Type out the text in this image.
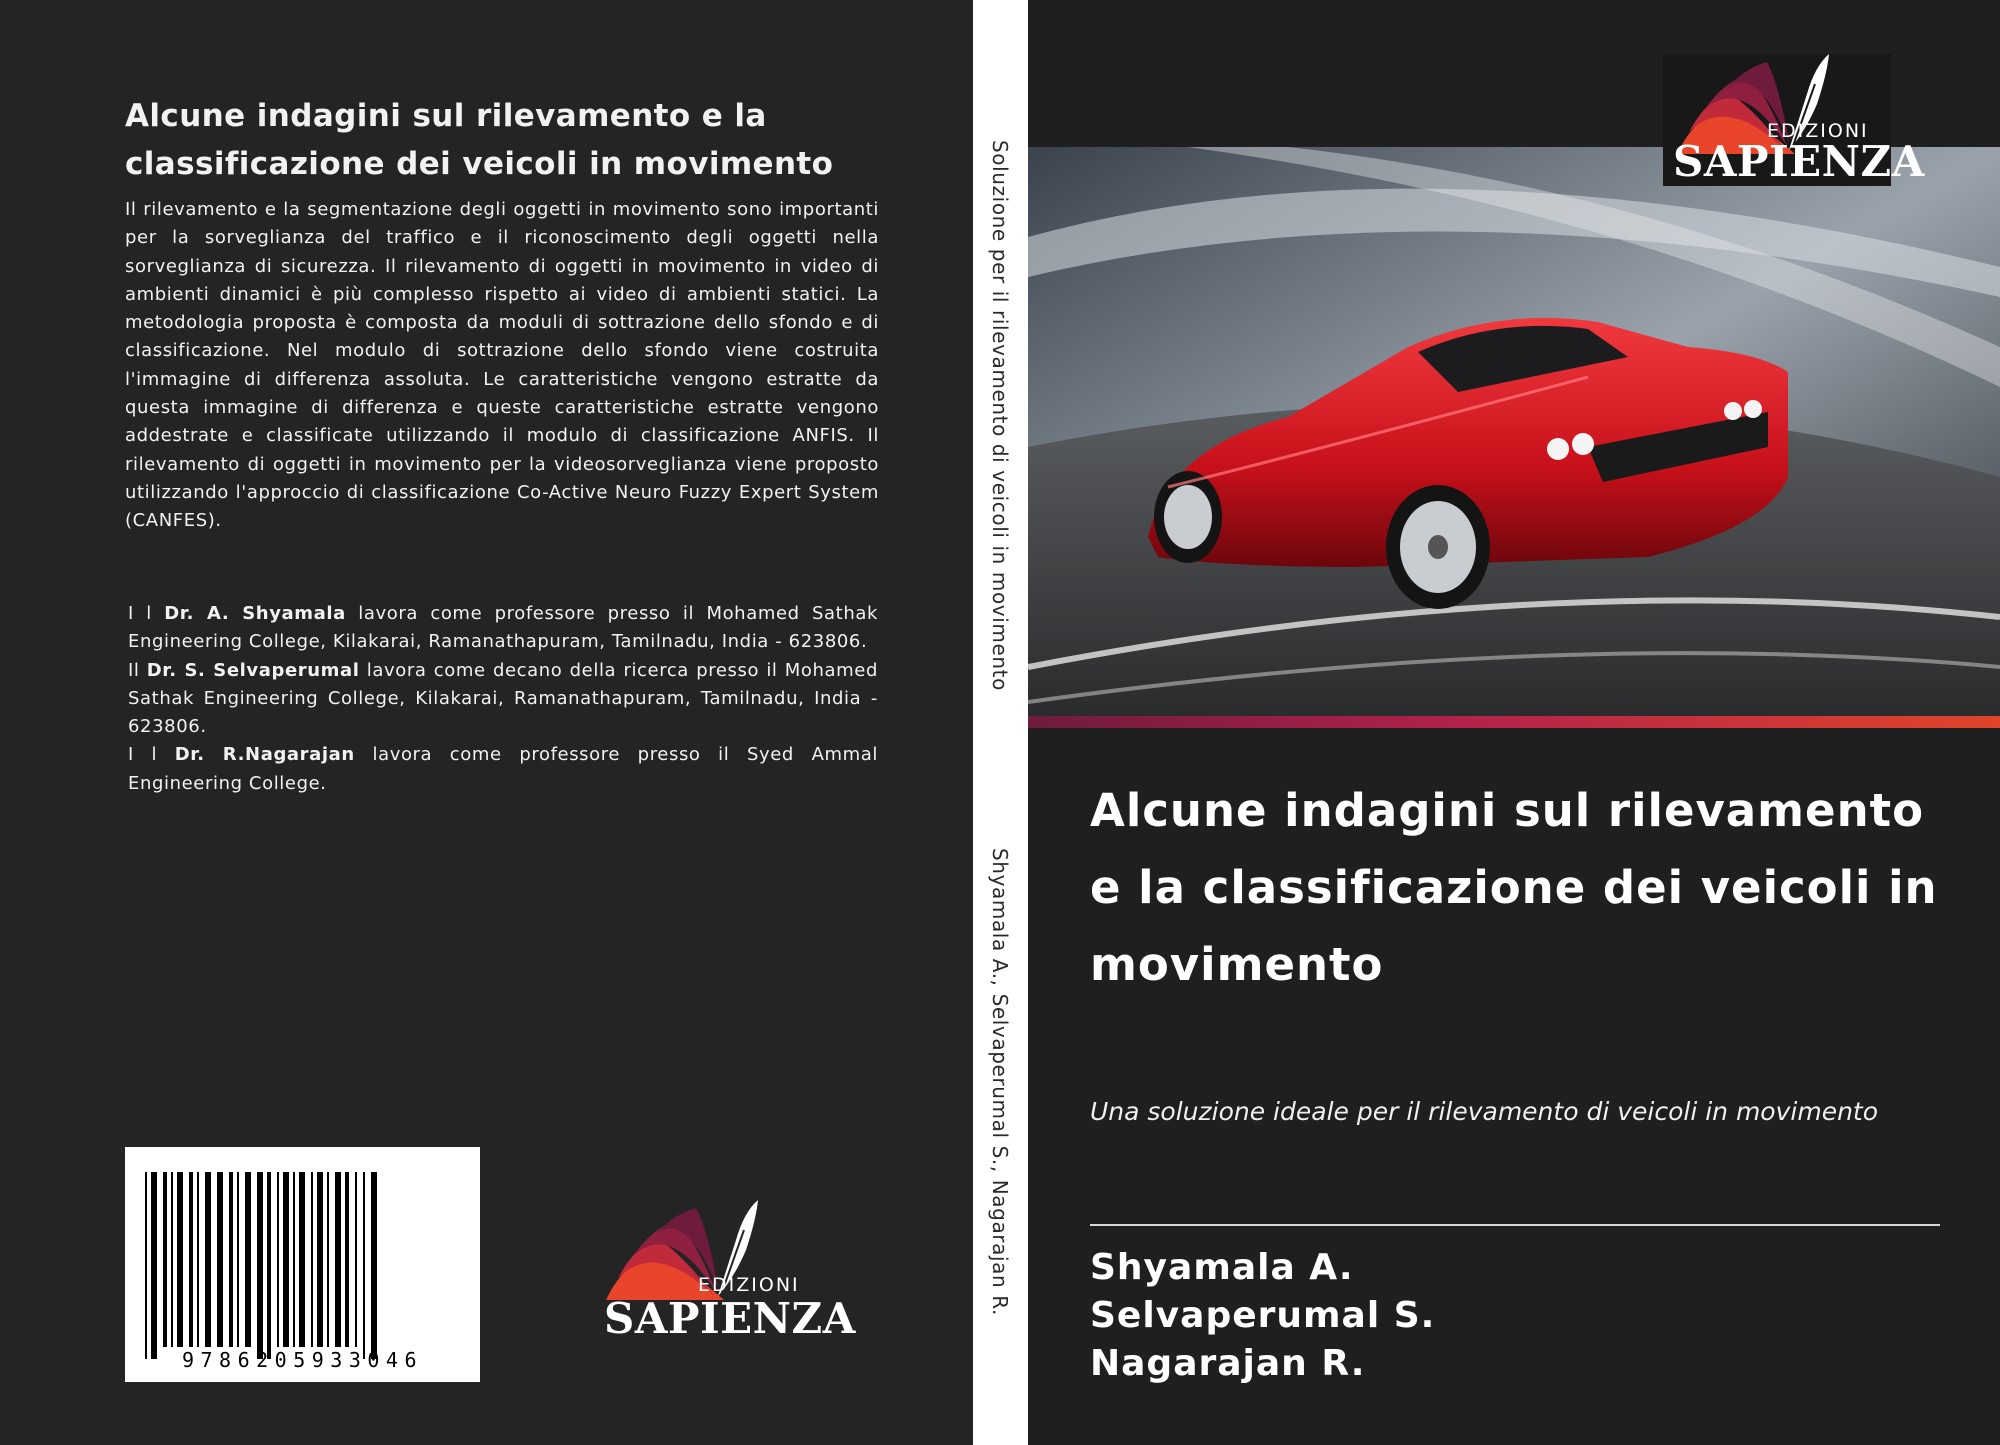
Alcune indagini sul rilevamento e la classificazione dei veicoli in movimento

Il rilevamento e la segmentazione degli oggetti in movimento sono importanti per la sorveglianza del traffico e il riconoscimento degli oggetti nella sorveglianza di sicurezza. Il rilevamento di oggetti in movimento in video di ambienti dinamici è più complesso rispetto ai video di ambienti statici. La metodologia proposta è composta da moduli di sottrazione dello sfondo e di classificazione. Nel modulo di sottrazione dello sfondo viene costruita l'immagine di differenza assoluta. Le caratteristiche vengono estratte da questa immagine di differenza e queste caratteristiche estratte vengono addestrate e classificate utilizzando il modulo di classificazione ANFIS. Il rilevamento di oggetti in movimento per la videosorveglianza viene proposto utilizzando l'approccio di classificazione Co-Active Neuro Fuzzy Expert System (CANFES).

I l Dr. A. Shyamala lavora come professore presso il Mohamed Sathak Engineering College, Kilakarai, Ramanathapuram, Tamilnadu, India - 623806.

Il Dr. S. Selvaperumal lavora come decano della ricerca presso il Mohamed Sathak Engineering College, Kilakarai, Ramanathapuram, Tamilnadu, India - 623806.

I l Dr. R.Nagarajan lavora come professore presso il Syed Ammal Engineering College.

9786205933046
EDIZIONI
SAPIENZA
Soluzione per il rilevamento di veicoli in movimento
Shyamala A., Selvaperumal S., Nagarajan R.
Alcune indagini sul rilevamento e la classificazione dei veicoli in movimento

Una soluzione ideale per il rilevamento di veicoli in movimento

Shyamala A.
Selvaperumal S.
Nagarajan R.
EDIZIONI
SAPIENZA
